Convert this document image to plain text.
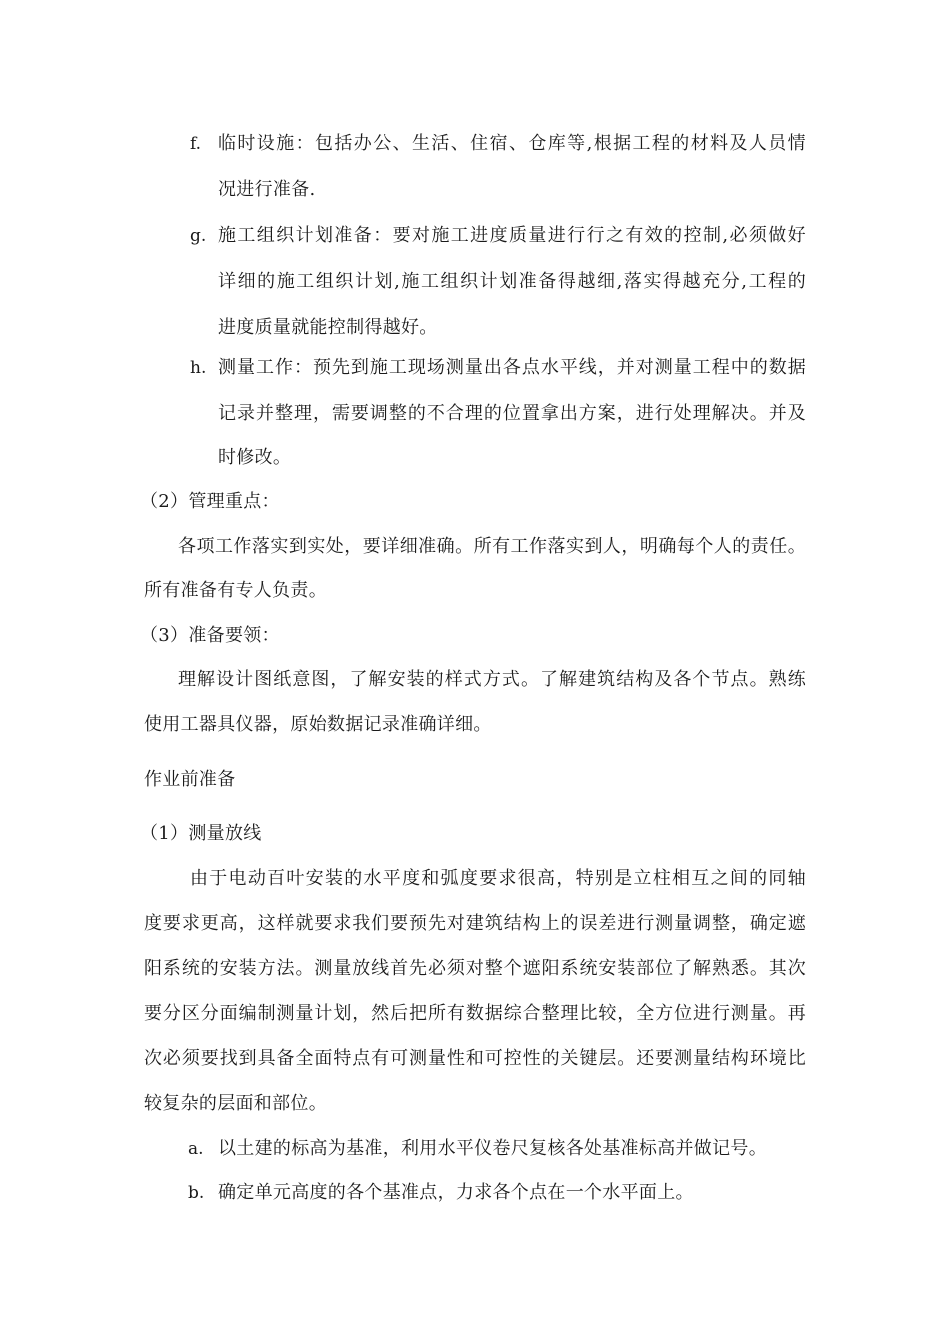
f. 临时设施：包括办公、生活、住宿、仓库等,根据工程的材料及人员情
况进行准备.
g. 施工组织计划准备：要对施工进度质量进行行之有效的控制,必须做好
详细的施工组织计划,施工组织计划准备得越细,落实得越充分,工程的
进度质量就能控制得越好。
h. 测量工作：预先到施工现场测量出各点水平线，并对测量工程中的数据
记录并整理，需要调整的不合理的位置拿出方案，进行处理解决。并及
时修改。
（2）管理重点：
各项工作落实到实处，要详细准确。所有工作落实到人，明确每个人的责任。
所有准备有专人负责。
（3）准备要领：
理解设计图纸意图，了解安装的样式方式。了解建筑结构及各个节点。熟练
使用工器具仪器，原始数据记录准确详细。
作业前准备
（1）测量放线
由于电动百叶安装的水平度和弧度要求很高，特别是立柱相互之间的同轴
度要求更高，这样就要求我们要预先对建筑结构上的误差进行测量调整，确定遮
阳系统的安装方法。测量放线首先必须对整个遮阳系统安装部位了解熟悉。其次
要分区分面编制测量计划，然后把所有数据综合整理比较，全方位进行测量。再
次必须要找到具备全面特点有可测量性和可控性的关键层。还要测量结构环境比
较复杂的层面和部位。
a. 以土建的标高为基准，利用水平仪卷尺复核各处基准标高并做记号。
b. 确定单元高度的各个基准点，力求各个点在一个水平面上。
